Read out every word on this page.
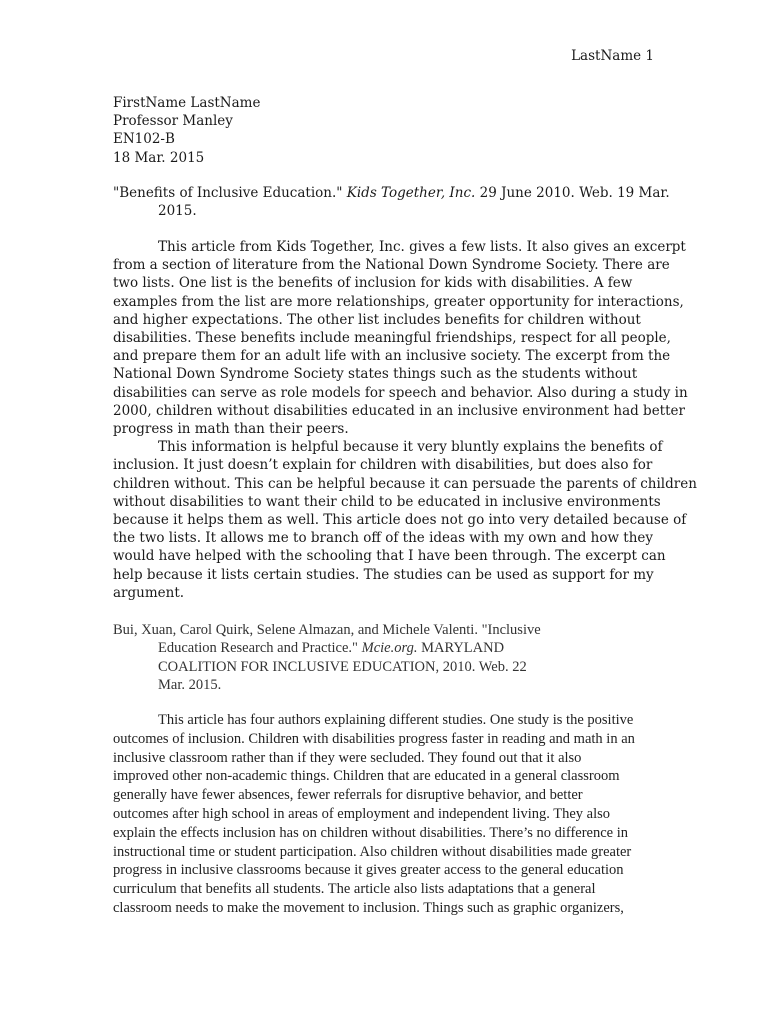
LastName 1
FirstName LastName
Professor Manley
EN102-B
18 Mar. 2015
"Benefits of Inclusive Education." Kids Together, Inc. 29 June 2010. Web. 19 Mar.
2015.
This article from Kids Together, Inc. gives a few lists. It also gives an excerpt
from a section of literature from the National Down Syndrome Society. There are
two lists. One list is the benefits of inclusion for kids with disabilities. A few
examples from the list are more relationships, greater opportunity for interactions,
and higher expectations. The other list includes benefits for children without
disabilities. These benefits include meaningful friendships, respect for all people,
and prepare them for an adult life with an inclusive society. The excerpt from the
National Down Syndrome Society states things such as the students without
disabilities can serve as role models for speech and behavior. Also during a study in
2000, children without disabilities educated in an inclusive environment had better
progress in math than their peers.
This information is helpful because it very bluntly explains the benefits of
inclusion. It just doesn’t explain for children with disabilities, but does also for
children without. This can be helpful because it can persuade the parents of children
without disabilities to want their child to be educated in inclusive environments
because it helps them as well. This article does not go into very detailed because of
the two lists. It allows me to branch off of the ideas with my own and how they
would have helped with the schooling that I have been through. The excerpt can
help because it lists certain studies. The studies can be used as support for my
argument.
Bui, Xuan, Carol Quirk, Selene Almazan, and Michele Valenti. "Inclusive
Education Research and Practice." Mcie.org. MARYLAND
COALITION FOR INCLUSIVE EDUCATION, 2010. Web. 22
Mar. 2015.
This article has four authors explaining different studies. One study is the positive
outcomes of inclusion. Children with disabilities progress faster in reading and math in an
inclusive classroom rather than if they were secluded. They found out that it also
improved other non-academic things. Children that are educated in a general classroom
generally have fewer absences, fewer referrals for disruptive behavior, and better
outcomes after high school in areas of employment and independent living. They also
explain the effects inclusion has on children without disabilities. There’s no difference in
instructional time or student participation. Also children without disabilities made greater
progress in inclusive classrooms because it gives greater access to the general education
curriculum that benefits all students. The article also lists adaptations that a general
classroom needs to make the movement to inclusion. Things such as graphic organizers,
